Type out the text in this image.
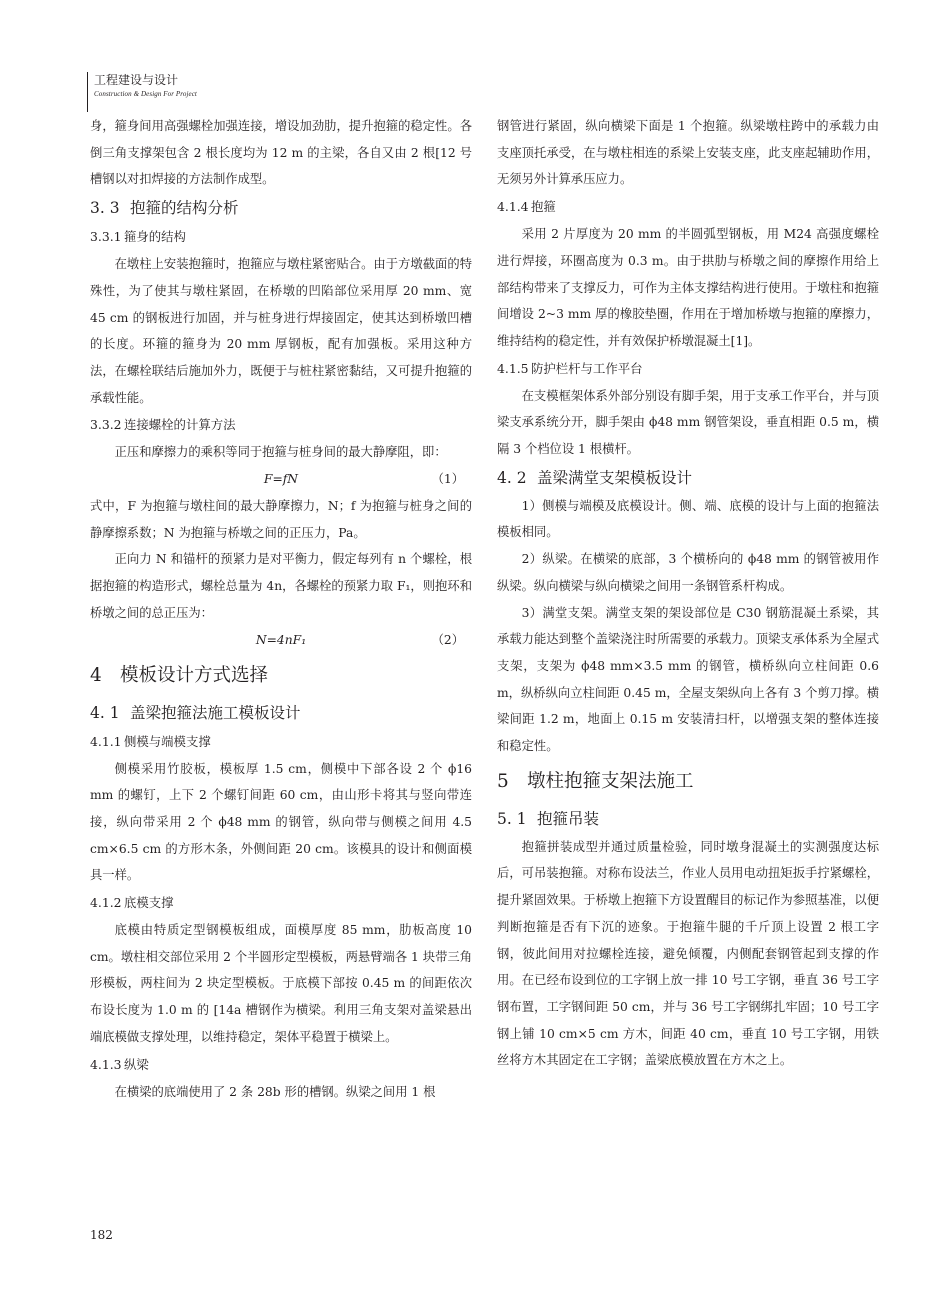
工程建设与设计
Construction & Design For Project

身，箍身间用高强螺栓加强连接，增设加劲肋，提升抱箍的稳定性。各倒三角支撑架包含 2 根长度均为 12 m 的主梁，各自又由 2 根[12 号槽钢以对扣焊接的方法制作成型。

3. 3 抱箍的结构分析
3.3.1 箍身的结构

在墩柱上安装抱箍时，抱箍应与墩柱紧密贴合。由于方墩截面的特殊性，为了使其与墩柱紧固，在桥墩的凹陷部位采用厚 20 mm、宽 45 cm 的钢板进行加固，并与桩身进行焊接固定，使其达到桥墩凹槽的长度。环箍的箍身为 20 mm 厚钢板，配有加强板。采用这种方法，在螺栓联结后施加外力，既便于与桩柱紧密黏结，又可提升抱箍的承载性能。

3.3.2 连接螺栓的计算方法

正压和摩擦力的乘积等同于抱箍与桩身间的最大静摩阻，即：

F=fN	（1）

式中，F 为抱箍与墩柱间的最大静摩擦力，N；f 为抱箍与桩身之间的静摩擦系数；N 为抱箍与桥墩之间的正压力，Pa。

正向力 N 和锚杆的预紧力是对平衡力，假定每列有 n 个螺栓，根据抱箍的构造形式，螺栓总量为 4n，各螺栓的预紧力取 F₁，则抱环和桥墩之间的总正压为：

N=4nF₁	（2）
4 模板设计方式选择
4. 1 盖梁抱箍法施工模板设计
4.1.1 侧模与端模支撑

侧模采用竹胶板，模板厚 1.5 cm，侧模中下部各设 2 个 ϕ16 mm 的螺钉，上下 2 个螺钉间距 60 cm，由山形卡将其与竖向带连接，纵向带采用 2 个 ϕ48 mm 的钢管，纵向带与侧模之间用 4.5 cm×6.5 cm 的方形木条，外侧间距 20 cm。该模具的设计和侧面模具一样。

4.1.2 底模支撑

底模由特质定型钢模板组成，面模厚度 85 mm，肋板高度 10 cm。墩柱相交部位采用 2 个半圆形定型模板，两悬臂端各 1 块带三角形模板，两柱间为 2 块定型模板。于底模下部按 0.45 m 的间距依次布设长度为 1.0 m 的 [14a 槽钢作为横梁。利用三角支架对盖梁悬出端底模做支撑处理，以维持稳定，架体平稳置于横梁上。

4.1.3 纵梁

在横梁的底端使用了 2 条 28b 形的槽钢。纵梁之间用 1 根

钢管进行紧固，纵向横梁下面是 1 个抱箍。纵梁墩柱跨中的承载力由支座顶托承受，在与墩柱相连的系梁上安装支座，此支座起辅助作用，无须另外计算承压应力。

4.1.4 抱箍

采用 2 片厚度为 20 mm 的半圆弧型钢板，用 M24 高强度螺栓进行焊接，环圈高度为 0.3 m。由于拱肋与桥墩之间的摩擦作用给上部结构带来了支撑反力，可作为主体支撑结构进行使用。于墩柱和抱箍间增设 2~3 mm 厚的橡胶垫圈，作用在于增加桥墩与抱箍的摩擦力，维持结构的稳定性，并有效保护桥墩混凝土[1]。

4.1.5 防护栏杆与工作平台

在支模框架体系外部分别设有脚手架，用于支承工作平台，并与顶梁支承系统分开，脚手架由 ϕ48 mm 钢管架设，垂直相距 0.5 m，横隔 3 个档位设 1 根横杆。

4. 2 盖梁满堂支架模板设计

1）侧模与端模及底模设计。侧、端、底模的设计与上面的抱箍法模板相同。

2）纵梁。在横梁的底部，3 个横桥向的 ϕ48 mm 的钢管被用作纵梁。纵向横梁与纵向横梁之间用一条钢管系杆构成。

3）满堂支架。满堂支架的架设部位是 C30 钢筋混凝土系梁，其承载力能达到整个盖梁浇注时所需要的承载力。顶梁支承体系为全屋式支架，支架为 ϕ48 mm×3.5 mm 的钢管，横桥纵向立柱间距 0.6 m，纵桥纵向立柱间距 0.45 m，全屋支架纵向上各有 3 个剪刀撑。横梁间距 1.2 m，地面上 0.15 m 安装清扫杆，以增强支架的整体连接和稳定性。

5 墩柱抱箍支架法施工
5. 1 抱箍吊装

抱箍拼装成型并通过质量检验，同时墩身混凝土的实测强度达标后，可吊装抱箍。对称布设法兰，作业人员用电动扭矩扳手拧紧螺栓，提升紧固效果。于桥墩上抱箍下方设置醒目的标记作为参照基准，以便判断抱箍是否有下沉的迹象。于抱箍牛腿的千斤顶上设置 2 根工字钢，彼此间用对拉螺栓连接，避免倾覆，内侧配套钢管起到支撑的作用。在已经布设到位的工字钢上放一排 10 号工字钢，垂直 36 号工字钢布置，工字钢间距 50 cm，并与 36 号工字钢绑扎牢固；10 号工字钢上铺 10 cm×5 cm 方木，间距 40 cm，垂直 10 号工字钢，用铁丝将方木其固定在工字钢；盖梁底模放置在方木之上。

182
